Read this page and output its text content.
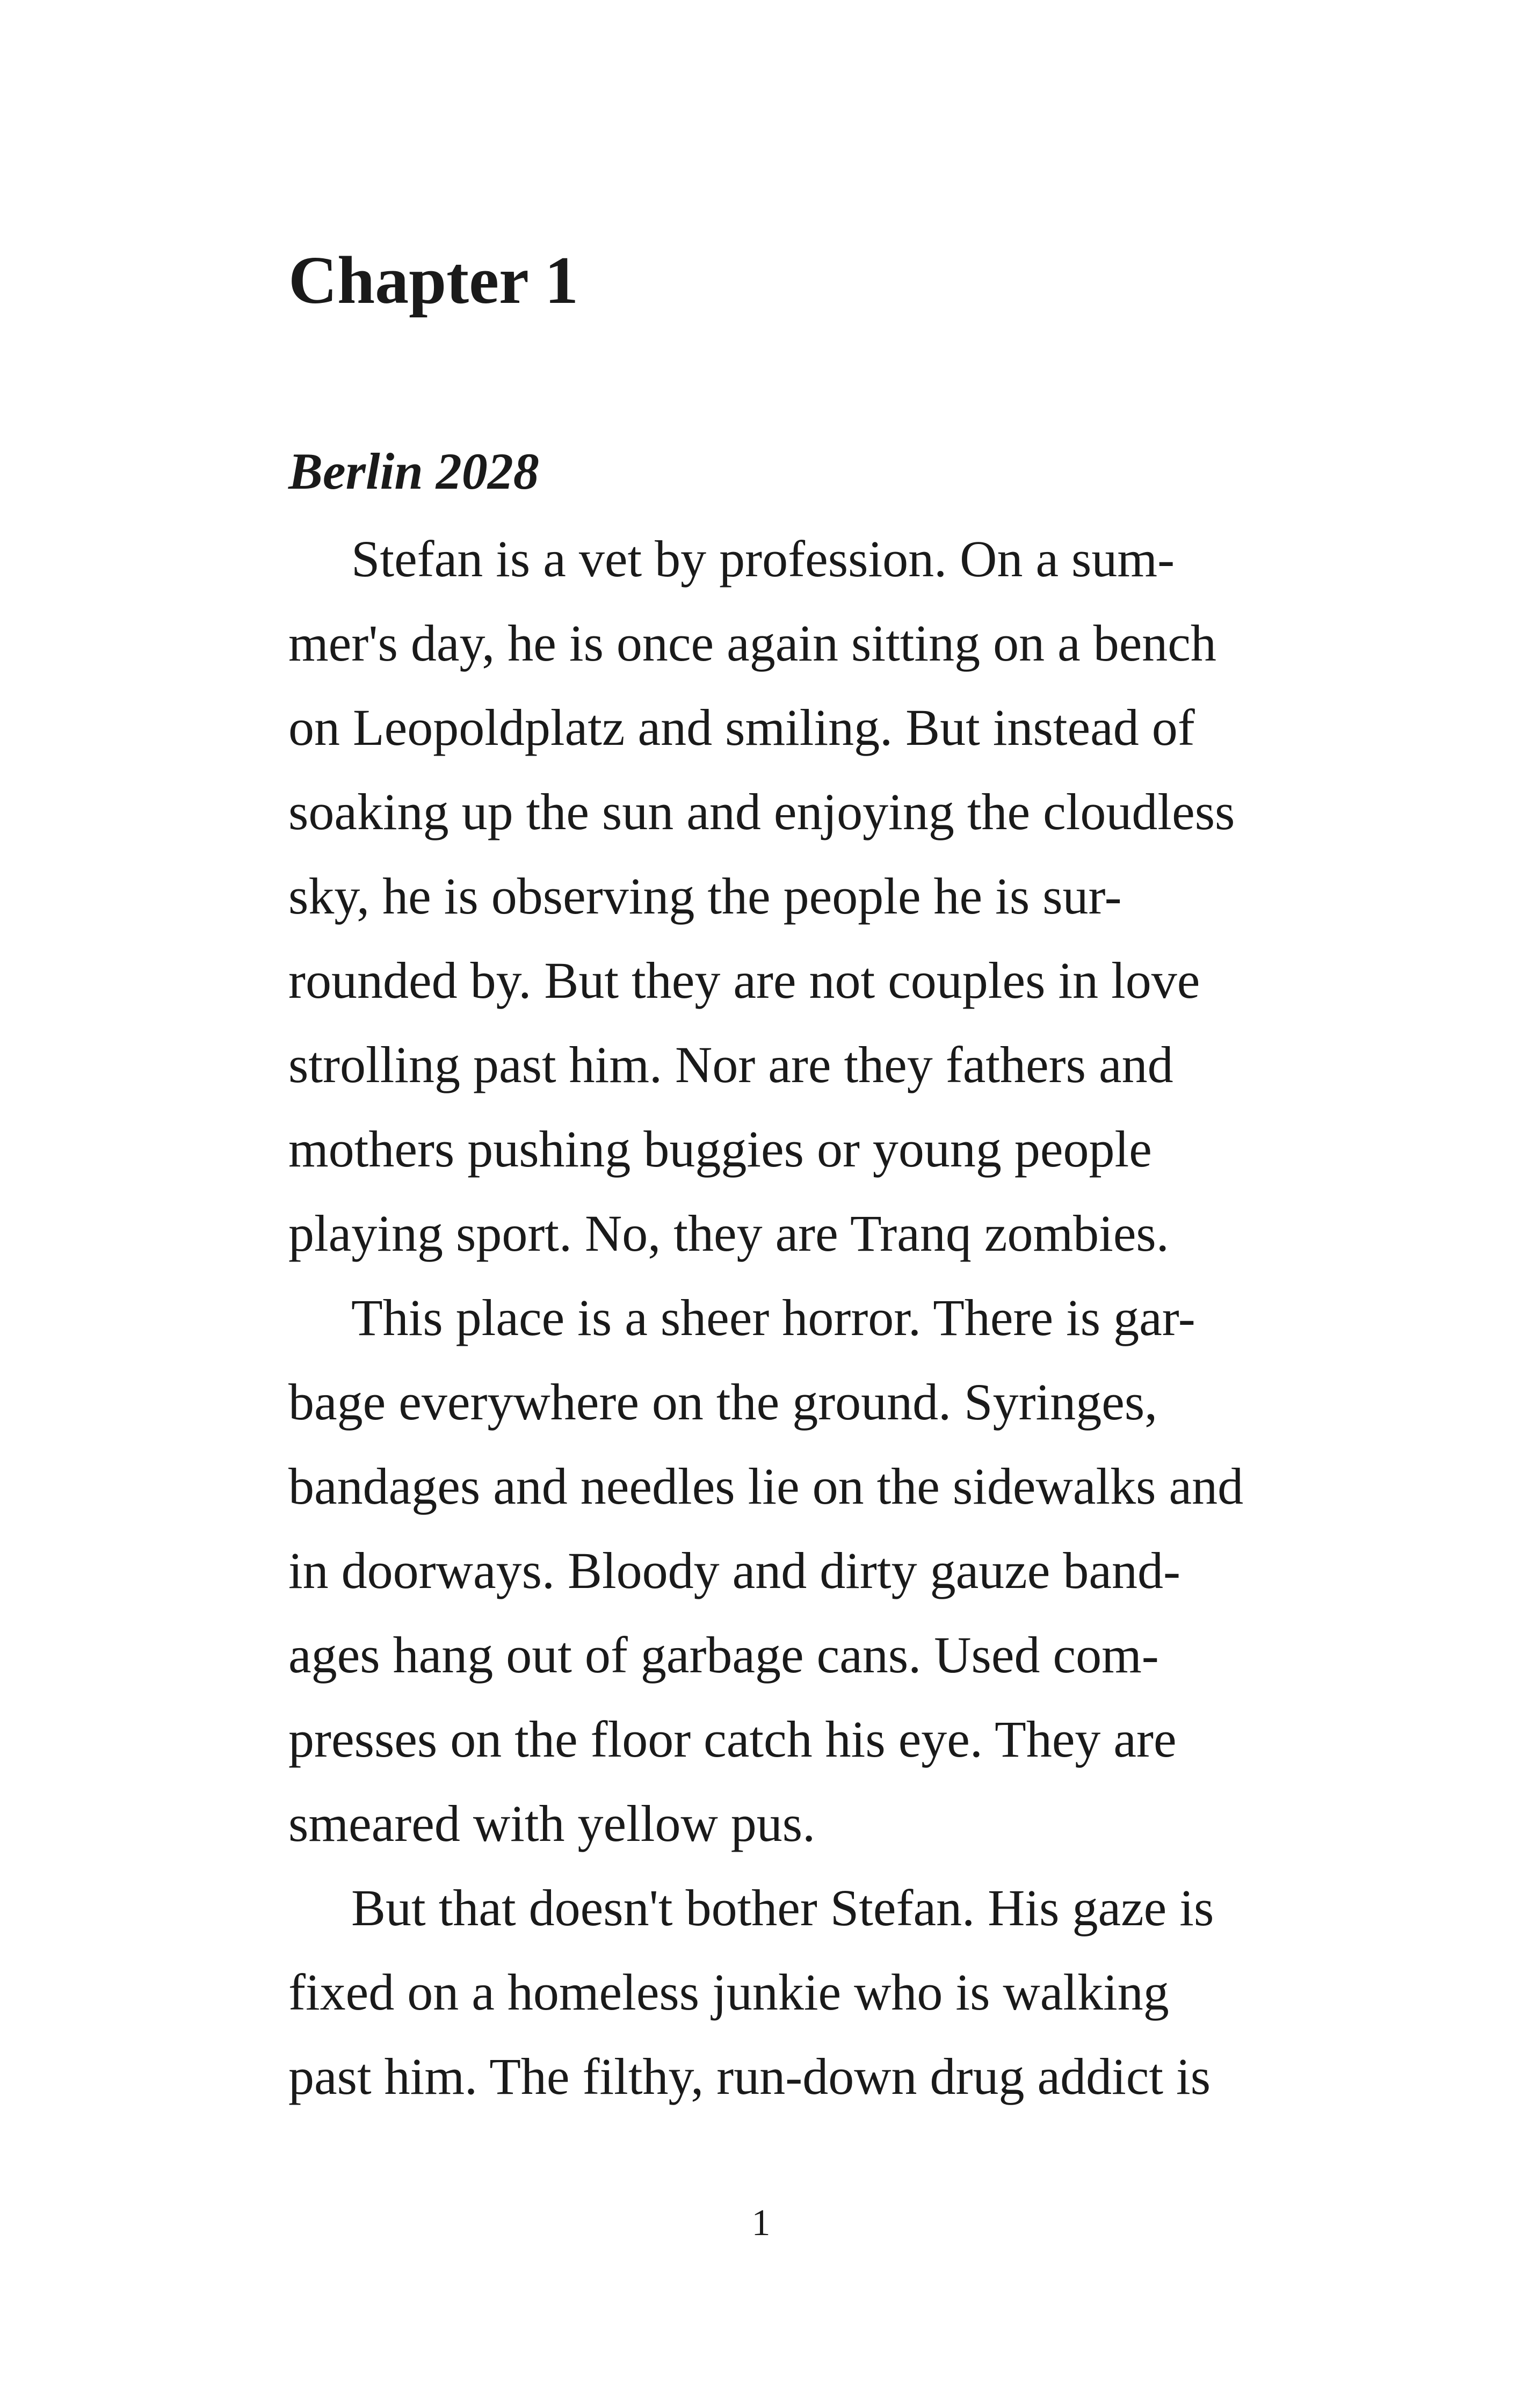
Chapter 1
Berlin 2028

Stefan is a vet by profession. On a sum-

mer's day, he is once again sitting on a bench

on Leopoldplatz and smiling. But instead of

soaking up the sun and enjoying the cloudless

sky, he is observing the people he is sur-

rounded by. But they are not couples in love

strolling past him. Nor are they fathers and

mothers pushing buggies or young people

playing sport. No, they are Tranq zombies.

This place is a sheer horror. There is gar-

bage everywhere on the ground. Syringes,

bandages and needles lie on the sidewalks and

in doorways. Bloody and dirty gauze band-

ages hang out of garbage cans. Used com-

presses on the floor catch his eye. They are

smeared with yellow pus.

But that doesn't bother Stefan. His gaze is

fixed on a homeless junkie who is walking

past him. The filthy, run-down drug addict is

1
